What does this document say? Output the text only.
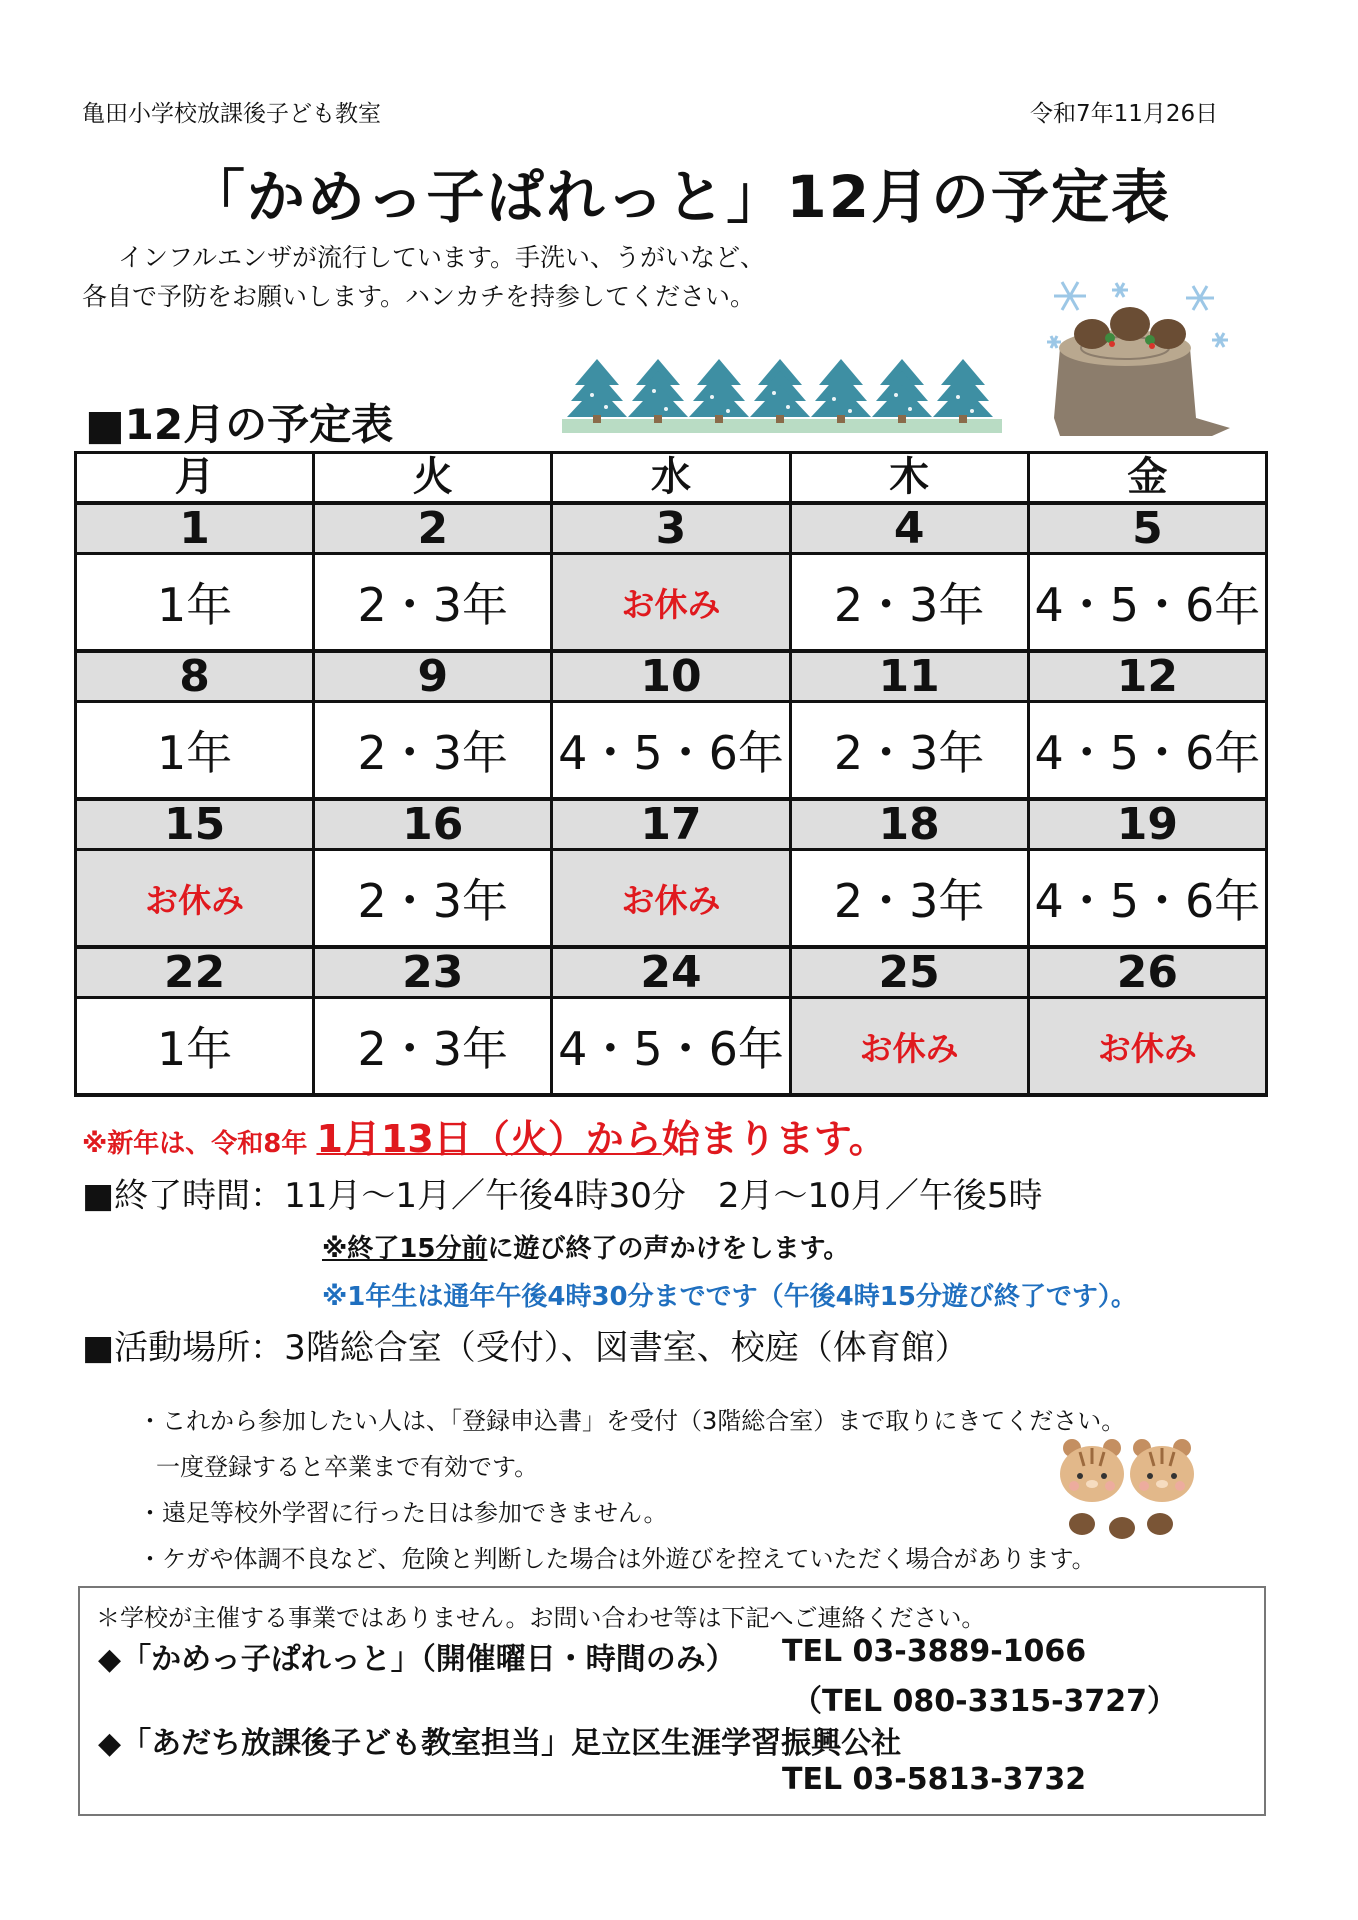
亀田小学校放課後子ども教室	令和7年11月26日
「かめっ子ぱれっと」12月の予定表
インフルエンザが流行しています。手洗い、うがいなど、
各自で予防をお願いします。ハンカチを持参してください。
■12月の予定表
月	火	水	木	金
1	2	3	4	5
1年	2・3年	お休み	2・3年	4・5・6年
8	9	10	11	12
1年	2・3年	4・5・6年	2・3年	4・5・6年
15	16	17	18	19
お休み	2・3年	お休み	2・3年	4・5・6年
22	23	24	25	26
1年	2・3年	4・5・6年	お休み	お休み
※新年は、令和8年 1月13日（火）から始まります。
■終了時間：11月～1月／午後4時30分 2月～10月／午後5時
※終了15分前に遊び終了の声かけをします。
※1年生は通年午後4時30分までです（午後4時15分遊び終了です）。
■活動場所：3階総合室（受付）、図書室、校庭（体育館）
・これから参加したい人は、「登録申込書」を受付（3階総合室）まで取りにきてください。
一度登録すると卒業まで有効です。
・遠足等校外学習に行った日は参加できません。
・ケガや体調不良など、危険と判断した場合は外遊びを控えていただく場合があります。
＊学校が主催する事業ではありません。お問い合わせ等は下記へご連絡ください。
◆「かめっ子ぱれっと」（開催曜日・時間のみ） TEL 03-3889-1066
（TEL 080-3315-3727）
◆「あだち放課後子ども教室担当」足立区生涯学習振興公社
TEL 03-5813-3732
